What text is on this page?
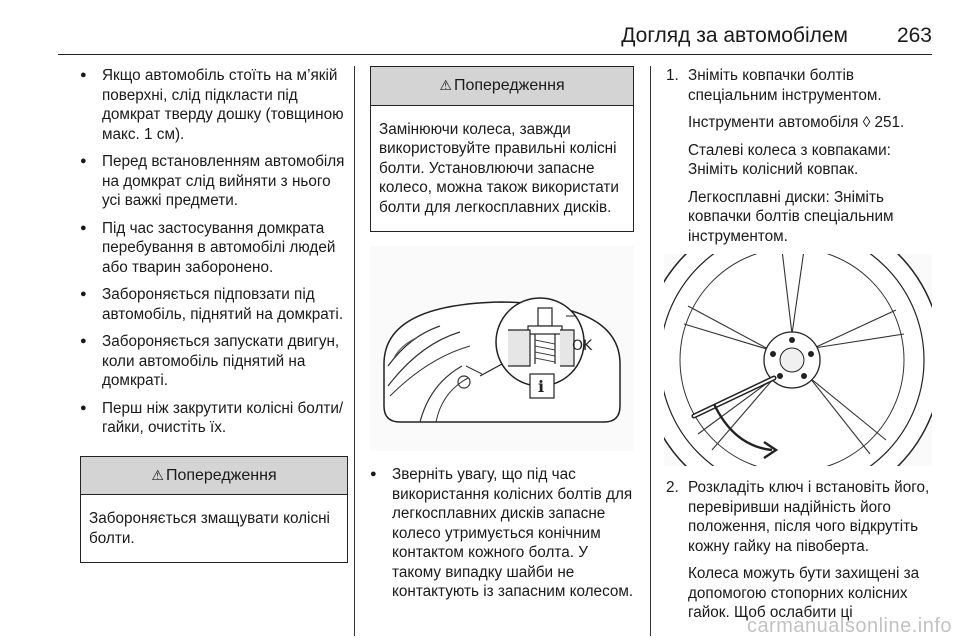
Догляд за автомобілем 263
● Якщо автомобіль стоїть на м’якій поверхні, слід підкласти під домкрат тверду дошку (товщиною макс. 1 см).
● Перед встановленням автомобіля на домкрат слід вийняти з нього усі важкі предмети.
● Під час застосування домкрата перебування в автомобілі людей або тварин заборонено.
● Забороняється підповзати під автомобіль, піднятий на домкраті.
● Забороняється запускати двигун, коли автомобіль піднятий на домкраті.
● Перш ніж закрутити колісні болти/гайки, очистіть їх.
⚠ Попередження
Забороняється змащувати колісні болти.
⚠ Попередження
Замінюючи колеса, завжди використовуйте правильні колісні болти. Установлюючи запасне колесо, можна також використати болти для легкосплавних дисків.
OK
i
● Зверніть увагу, що під час використання колісних болтів для легкосплавних дисків запасне колесо утримується конічним контактом кожного болта. У такому випадку шайби не контактують із запасним колесом.
1. Зніміть ковпачки болтів спеціальним інструментом.

Інструменти автомобіля ◊ 251.

Сталеві колеса з ковпаками: Зніміть колісний ковпак.

Легкосплавні диски: Зніміть ковпачки болтів спеціальним інструментом.

2. Розкладіть ключ і встановіть його, перевіривши надійність його положення, після чого відкрутіть кожну гайку на півоберта.

Колеса можуть бути захищені за допомогою стопорних колісних гайок. Щоб ослабити ці

carmanualsonline.info
